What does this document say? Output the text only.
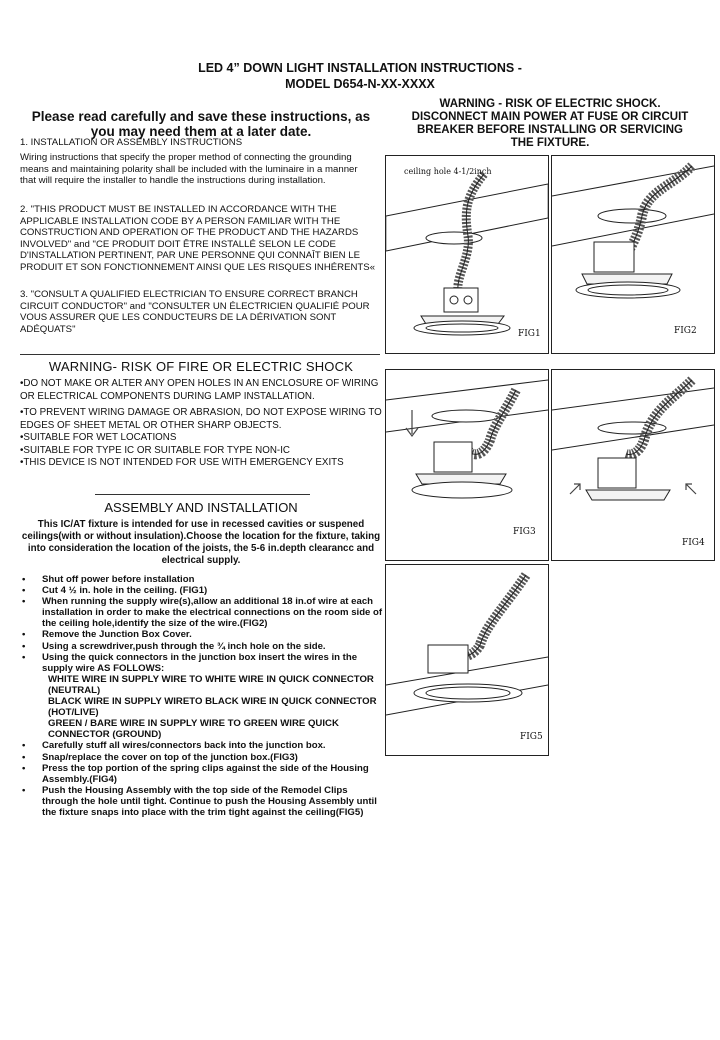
LED 4” DOWN LIGHT INSTALLATION INSTRUCTIONS -
MODEL D654-N-XX-XXXX
Please read carefully and save these instructions, as
you may need them at a later date.
1. INSTALLATION OR ASSEMBLY INSTRUCTIONS
Wiring instructions that specify the proper method of connecting the grounding means and maintaining polarity shall be included with the luminaire in a manner that will require the installer to handle the instructions during installation.
2. "THIS PRODUCT MUST BE INSTALLED IN ACCORDANCE WITH THE APPLICABLE INSTALLATION CODE BY A PERSON FAMILIAR WITH THE CONSTRUCTION AND OPERATION OF THE PRODUCT AND THE HAZARDS INVOLVED" and "CE PRODUIT DOIT ÊTRE INSTALLÉ SELON LE CODE D'INSTALLATION PERTINENT, PAR UNE PERSONNE QUI CONNAÎT BIEN LE PRODUIT ET SON FONCTIONNEMENT AINSI QUE LES RISQUES INHÉRENTS«
3. "CONSULT A QUALIFIED ELECTRICIAN TO ENSURE CORRECT BRANCH CIRCUIT CONDUCTOR" and "CONSULTER UN ÉLECTRICIEN QUALIFIÉ POUR VOUS ASSURER QUE LES CONDUCTEURS DE LA DÉRIVATION SONT ADÉQUATS"
WARNING- RISK OF FIRE OR ELECTRIC SHOCK
•DO NOT MAKE OR ALTER ANY OPEN HOLES IN AN ENCLOSURE OF WIRING OR ELECTRICAL COMPONENTS DURING LAMP INSTALLATION.
•TO PREVENT WIRING DAMAGE OR ABRASION, DO NOT EXPOSE WIRING TO EDGES OF SHEET METAL OR OTHER SHARP OBJECTS.
•SUITABLE FOR WET LOCATIONS
•SUITABLE FOR TYPE IC OR SUITABLE FOR TYPE NON-IC
•THIS DEVICE IS NOT INTENDED FOR USE WITH EMERGENCY EXITS
ASSEMBLY AND INSTALLATION
This IC/AT fixture is intended for use in recessed cavities or suspened ceilings(with or without insulation).Choose the location for the fixture, taking into consideration the location of the joists, the 5-6 in.depth clearancc and electrical supply.
• Shut off power before installation
• Cut 4 ½ in. hole in the ceiling. (FIG1)
• When running the supply wire(s),allow an additional 18 in.of wire at each installation in order to make the electrical connections on the room side of the ceiling hole,identify the size of the wire.(FIG2)
• Remove the Junction Box Cover.
• Using a screwdriver,push through the ¾ inch hole on the side.
• Using the quick connectors in the junction box insert the wires in the supply wire AS FOLLOWS:
WHITE WIRE IN SUPPLY WIRE TO WHITE WIRE IN QUICK CONNECTOR (NEUTRAL)
BLACK WIRE IN SUPPLY WIRETO BLACK WIRE IN QUICK CONNECTOR (HOT/LIVE)
GREEN / BARE WIRE IN SUPPLY WIRE TO GREEN WIRE QUICK CONNECTOR (GROUND)
• Carefully stuff all wires/connectors back into the junction box.
• Snap/replace the cover on top of the junction box.(FIG3)
• Press the top portion of the spring clips against the side of the Housing Assembly.(FIG4)
• Push the Housing Assembly with the top side of the Remodel Clips through the hole until tight. Continue to push the Housing Assembly until the fixture snaps into place with the trim tight against the ceiling(FIG5)
WARNING - RISK OF ELECTRIC SHOCK.
DISCONNECT MAIN POWER AT FUSE OR CIRCUIT
BREAKER BEFORE INSTALLING OR SERVICING
THE FIXTURE.
ceiling hole 4-1/2inch
FIG1	FIG2
FIG3
FIG4
FIG5
